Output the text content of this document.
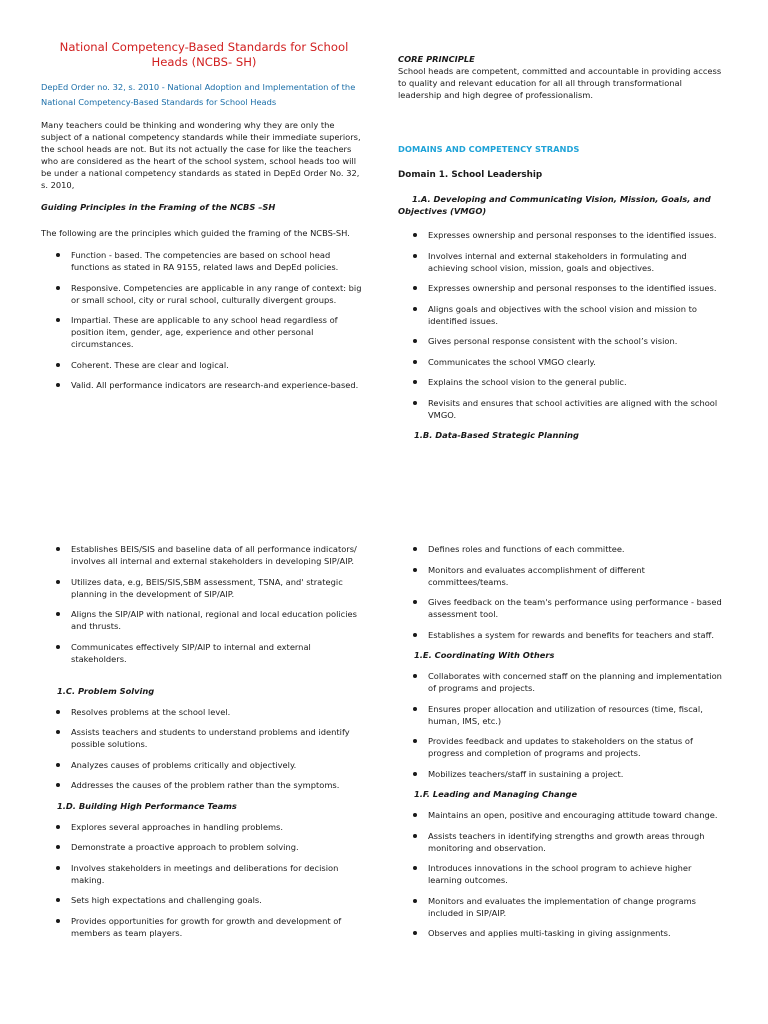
National Competency-Based Standards for School Heads (NCBS- SH)
DepEd Order no. 32, s. 2010 - National Adoption and Implementation of the National Competency-Based Standards for School Heads

Many teachers could be thinking and wondering why they are only the subject of a national competency standards while their immediate superiors, the school heads are not. But its not actually the case for like the teachers who are considered as the heart of the school system, school heads too will be under a national competency standards as stated in DepEd Order No. 32, s. 2010,

Guiding Principles in the Framing of the NCBS –SH

The following are the principles which guided the framing of the NCBS-SH.

Function - based. The competencies are based on school head functions as stated in RA 9155, related laws and DepEd policies.
Responsive. Competencies are applicable in any range of context: big or small school, city or rural school, culturally divergent groups.
Impartial. These are applicable to any school head regardless of position item, gender, age, experience and other personal circumstances.
Coherent. These are clear and logical.
Valid. All performance indicators are research-and experience-based.
CORE PRINCIPLE

School heads are competent, committed and accountable in providing access to quality and relevant education for all all through transformational leadership and high degree of professionalism.

DOMAINS AND COMPETENCY STRANDS
Domain 1. School Leadership
1.A. Developing and Communicating Vision, Mission, Goals, and Objectives (VMGO)
Expresses ownership and personal responses to the identified issues.
Involves internal and external stakeholders in formulating and achieving school vision, mission, goals and objectives.
Expresses ownership and personal responses to the identified issues.
Aligns goals and objectives with the school vision and mission to identified issues.
Gives personal response consistent with the school’s vision.
Communicates the school VMGO clearly.
Explains the school vision to the general public.
Revisits and ensures that school activities are aligned with the school VMGO.
1.B. Data-Based Strategic Planning
Establishes BEIS/SIS and baseline data of all performance indicators/ involves all internal and external stakeholders in developing SIP/AIP.
Utilizes data, e.g, BEIS/SIS,SBM assessment, TSNA, and' strategic planning in the development of SIP/AIP.
Aligns the SIP/AIP with national, regional and local education policies and thrusts.
Communicates effectively SIP/AIP to internal and external stakeholders.
1.C. Problem Solving
Resolves problems at the school level.
Assists teachers and students to understand problems and identify possible solutions.
Analyzes causes of problems critically and objectively.
Addresses the causes of the problem rather than the symptoms.
1.D. Building High Performance Teams
Explores several approaches in handling problems.
Demonstrate a proactive approach to problem solving.
Involves stakeholders in meetings and deliberations for decision making.
Sets high expectations and challenging goals.
Provides opportunities for growth for growth and development of members as team players.
Defines roles and functions of each committee.
Monitors and evaluates accomplishment of different committees/teams.
Gives feedback on the team's performance using performance - based assessment tool.
Establishes a system for rewards and benefits for teachers and staff.
1.E. Coordinating With Others
Collaborates with concerned staff on the planning and implementation of programs and projects.
Ensures proper allocation and utilization of resources (time, fiscal, human, IMS, etc.)
Provides feedback and updates to stakeholders on the status of progress and completion of programs and projects.
Mobilizes teachers/staff in sustaining a project.
1.F. Leading and Managing Change
Maintains an open, positive and encouraging attitude toward change.
Assists teachers in identifying strengths and growth areas through monitoring and observation.
Introduces innovations in the school program to achieve higher learning outcomes.
Monitors and evaluates the implementation of change programs included in SIP/AIP.
Observes and applies multi-tasking in giving assignments.
